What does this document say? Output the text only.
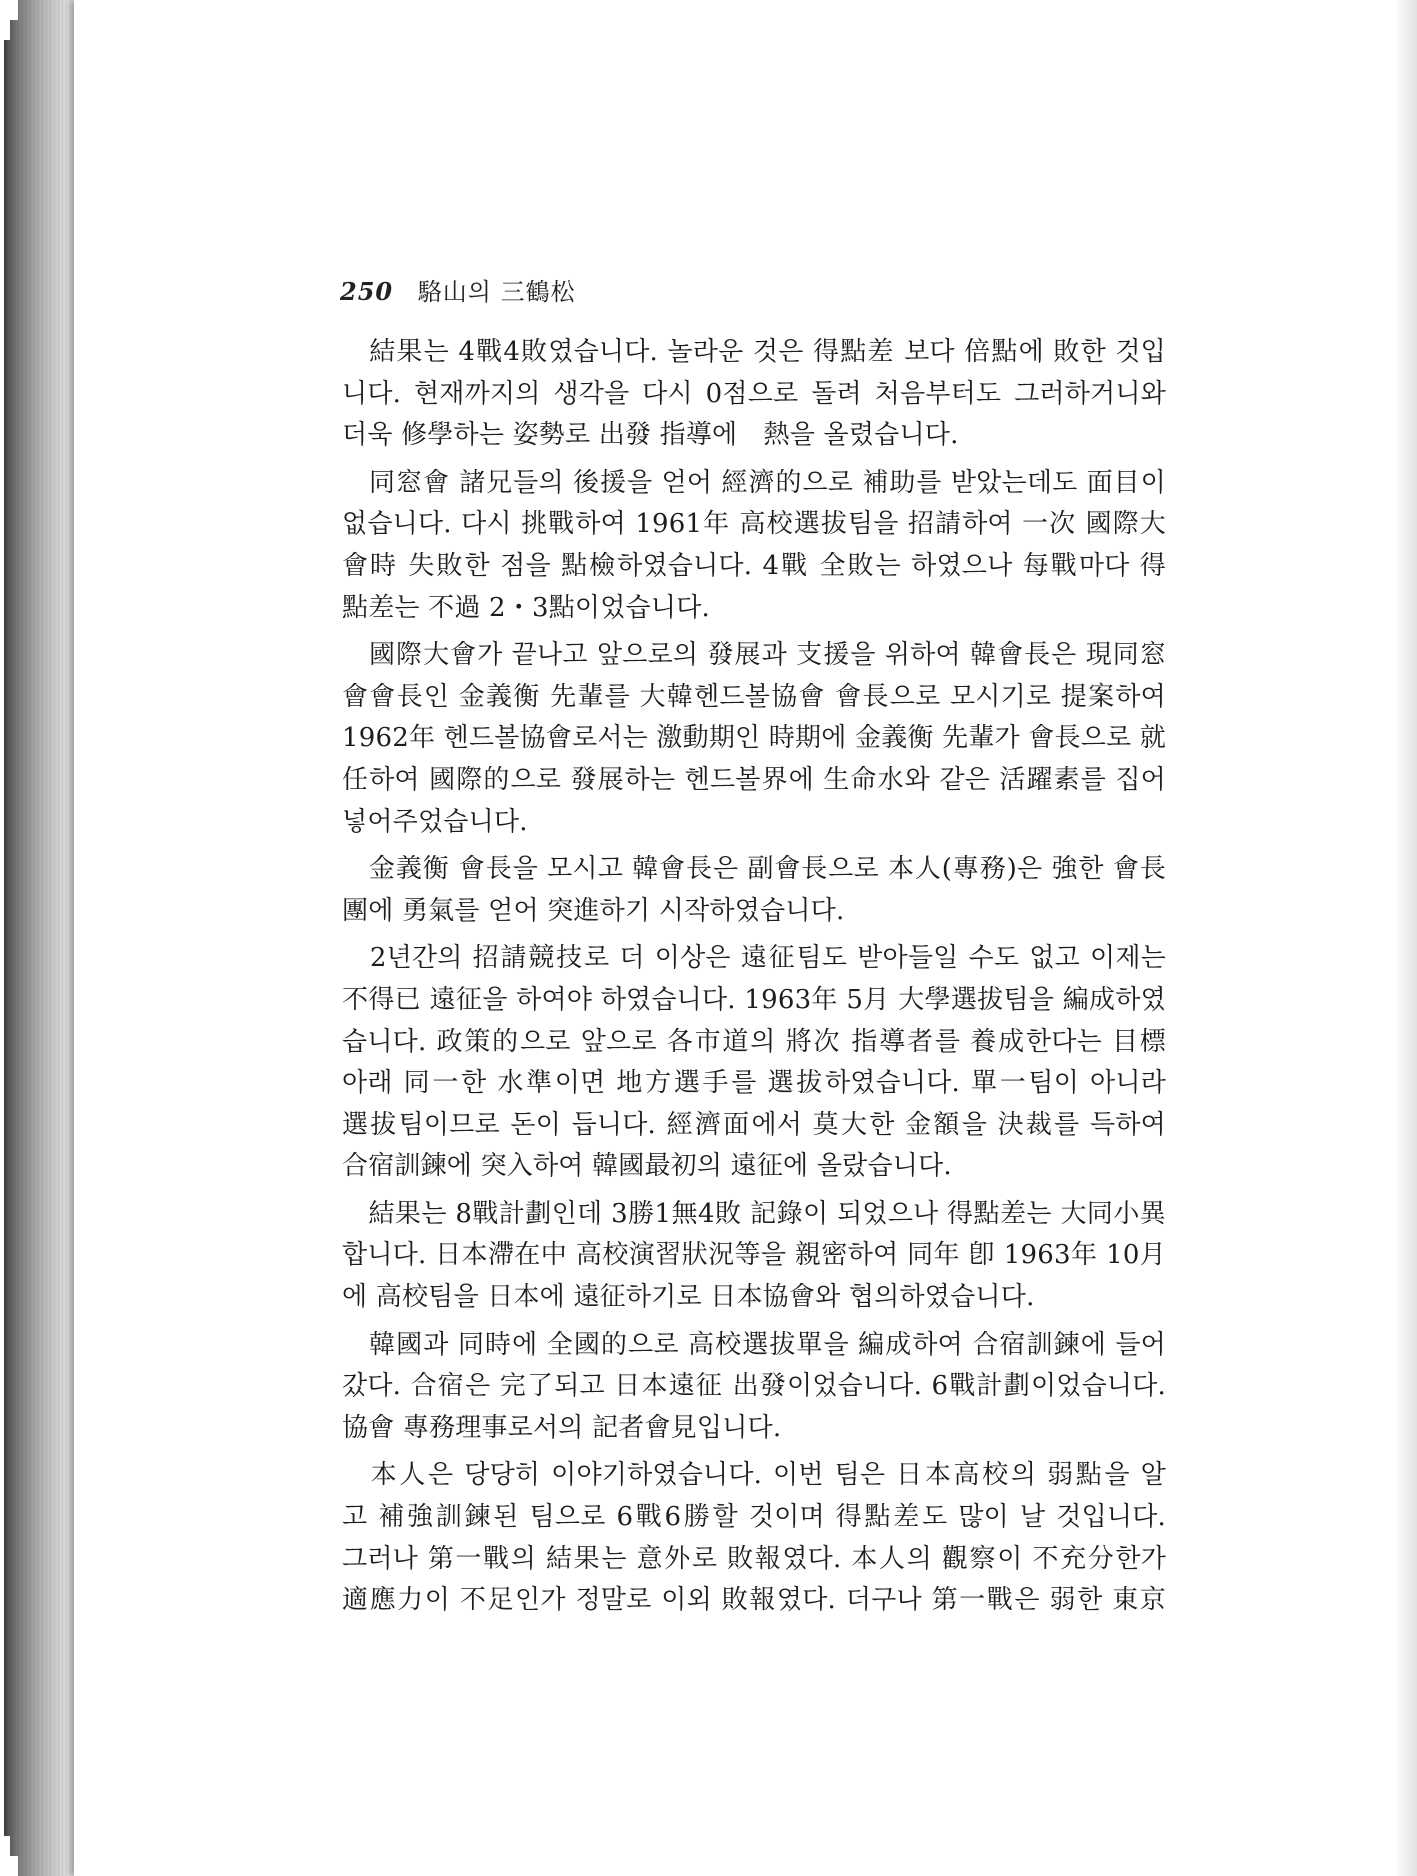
250 駱山의 三鶴松
　結果는 4戰4敗였습니다. 놀라운 것은 得點差 보다 倍點에 敗한 것입
니다. 현재까지의 생각을 다시 0점으로 돌려 처음부터도 그러하거니와
더욱 修學하는 姿勢로 出發 指導에　熱을 올렸습니다.
　同窓會 諸兄들의 後援을 얻어 經濟的으로 補助를 받았는데도 面目이
없습니다. 다시 挑戰하여 1961年 高校選拔팀을 招請하여 一次 國際大
會時 失敗한 점을 點檢하였습니다. 4戰 全敗는 하였으나 每戰마다 得
點差는 不過 2・3點이었습니다.
　國際大會가 끝나고 앞으로의 發展과 支援을 위하여 韓會長은 現同窓
會會長인 金義衡 先輩를 大韓헨드볼協會 會長으로 모시기로 提案하여
1962年 헨드볼協會로서는 激動期인 時期에 金義衡 先輩가 會長으로 就
任하여 國際的으로 發展하는 헨드볼界에 生命水와 같은 活躍素를 집어
넣어주었습니다.
　金義衡 會長을 모시고 韓會長은 副會長으로 本人(專務)은 強한 會長
團에 勇氣를 얻어 突進하기 시작하였습니다.
　2년간의 招請競技로 더 이상은 遠征팀도 받아들일 수도 없고 이제는
不得已 遠征을 하여야 하였습니다. 1963年 5月 大學選拔팀을 編成하였
습니다. 政策的으로 앞으로 各市道의 將次 指導者를 養成한다는 目標
아래 同一한 水準이면 地方選手를 選拔하였습니다. 單一팀이 아니라
選拔팀이므로 돈이 듭니다. 經濟面에서 莫大한 金額을 決裁를 득하여
合宿訓鍊에 突入하여 韓國最初의 遠征에 올랐습니다.
　結果는 8戰計劃인데 3勝1無4敗 記錄이 되었으나 得點差는 大同小異
합니다. 日本滯在中 高校演習狀況等을 親密하여 同年 卽 1963年 10月
에 高校팀을 日本에 遠征하기로 日本協會와 협의하였습니다.
　韓國과 同時에 全國的으로 高校選拔單을 編成하여 合宿訓鍊에 들어
갔다. 合宿은 完了되고 日本遠征 出發이었습니다. 6戰計劃이었습니다.
協會 專務理事로서의 記者會見입니다.
　本人은 당당히 이야기하였습니다. 이번 팀은 日本高校의 弱點을 알
고 補強訓鍊된 팀으로 6戰6勝할 것이며 得點差도 많이 날 것입니다.
그러나 第一戰의 結果는 意外로 敗報였다. 本人의 觀察이 不充分한가
適應力이 不足인가 정말로 이외 敗報였다. 더구나 第一戰은 弱한 東京
